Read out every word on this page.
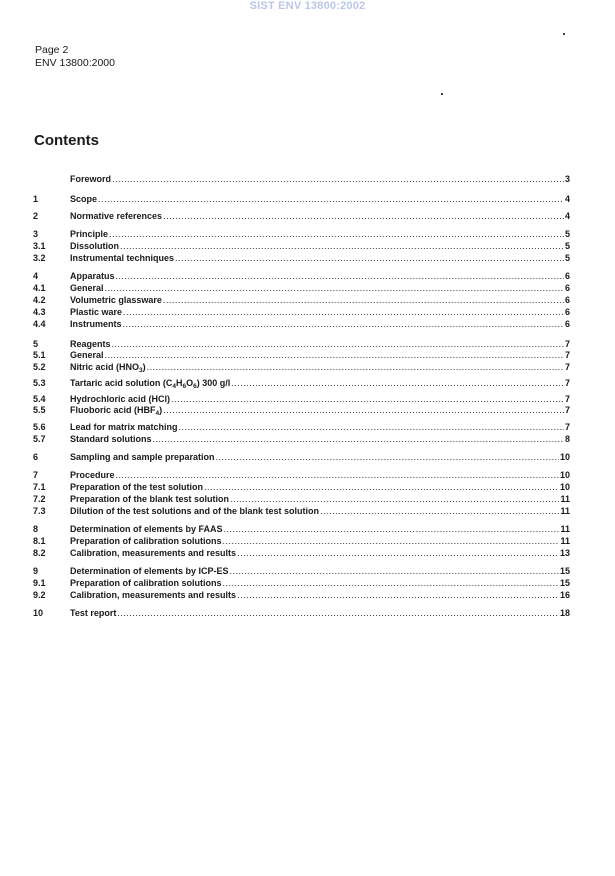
SIST ENV 13800:2002
Page 2
ENV 13800:2000
Contents
Foreword .....	3
1	Scope .....	4
2	Normative references .....	4
3	Principle .....	5
3.1	Dissolution .....	5
3.2	Instrumental techniques .....	5
4	Apparatus .....	6
4.1	General .....	6
4.2	Volumetric glassware .....	6
4.3	Plastic ware .....	6
4.4	Instruments .....	6
5	Reagents .....	7
5.1	General .....	7
5.2	Nitric acid $(HNO_3)$ .....	7
5.3	Tartaric acid solution $(C_4H_6O_6)$ 300 g/l .....	7
5.4	Hydrochloric acid (HCl) .....	7
5.5	Fluoboric acid $(HBF_4)$ .....	7
5.6	Lead for matrix matching .....	7
5.7	Standard solutions .....	8
6	Sampling and sample preparation .....	10
7	Procedure .....	10
7.1	Preparation of the test solution .....	10
7.2	Preparation of the blank test solution .....	11
7.3	Dilution of the test solutions and of the blank test solution .....	11
8	Determination of elements by FAAS .....	11
8.1	Preparation of calibration solutions .....	11
8.2	Calibration, measurements and results .....	13
9	Determination of elements by ICP-ES .....	15
9.1	Preparation of calibration solutions .....	15
9.2	Calibration, measurements and results .....	16
10	Test report .....	18
